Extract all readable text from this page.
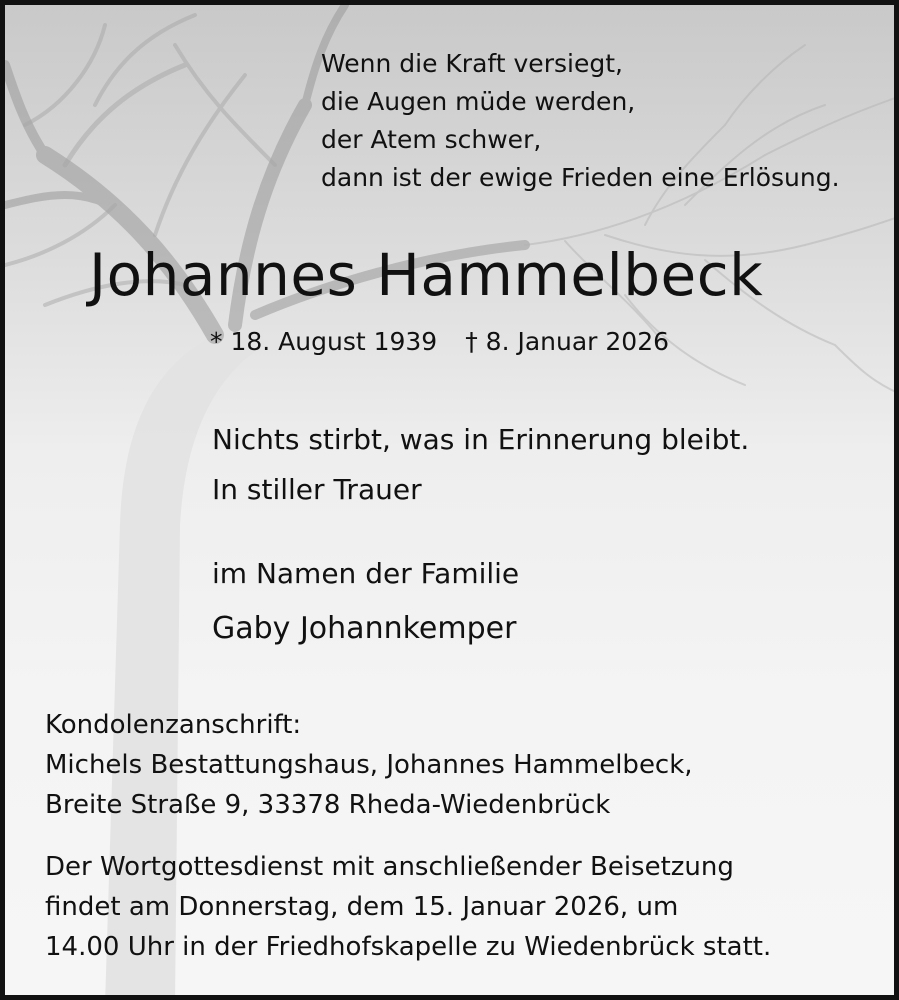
Wenn die Kraft versiegt,
die Augen müde werden,
der Atem schwer,
dann ist der ewige Frieden eine Erlösung.
Johannes Hammelbeck
* 18. August 1939 † 8. Januar 2026
Nichts stirbt, was in Erinnerung bleibt.
In stiller Trauer
im Namen der Familie
Gaby Johannkemper
Kondolenzanschrift:
Michels Bestattungshaus, Johannes Hammelbeck,
Breite Straße 9, 33378 Rheda-Wiedenbrück
Der Wortgottesdienst mit anschließender Beisetzung
findet am Donnerstag, dem 15. Januar 2026, um
14.00 Uhr in der Friedhofskapelle zu Wiedenbrück statt.
